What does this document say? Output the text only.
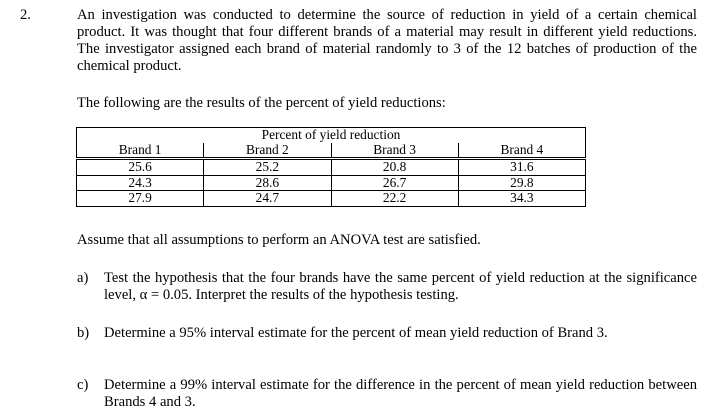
2.	An investigation was conducted to determine the source of reduction in yield of a certain chemical product. It was thought that four different brands of a material may result in different yield reductions. The investigator assigned each brand of material randomly to 3 of the 12 batches of production of the chemical product.
The following are the results of the percent of yield reductions:
	Percent of yield reduction		
Brand 1	Brand 2	Brand 3	Brand 4
25.6	25.2	20.8	31.6
24.3	28.6	26.7	29.8
27.9	24.7	22.2	34.3
Assume that all assumptions to perform an ANOVA test are satisfied.
a) Test the hypothesis that the four brands have the same percent of yield reduction at the significance level, α = 0.05. Interpret the results of the hypothesis testing.
b) Determine a 95% interval estimate for the percent of mean yield reduction of Brand 3.
c) Determine a 99% interval estimate for the difference in the percent of mean yield reduction between Brands 4 and 3.
